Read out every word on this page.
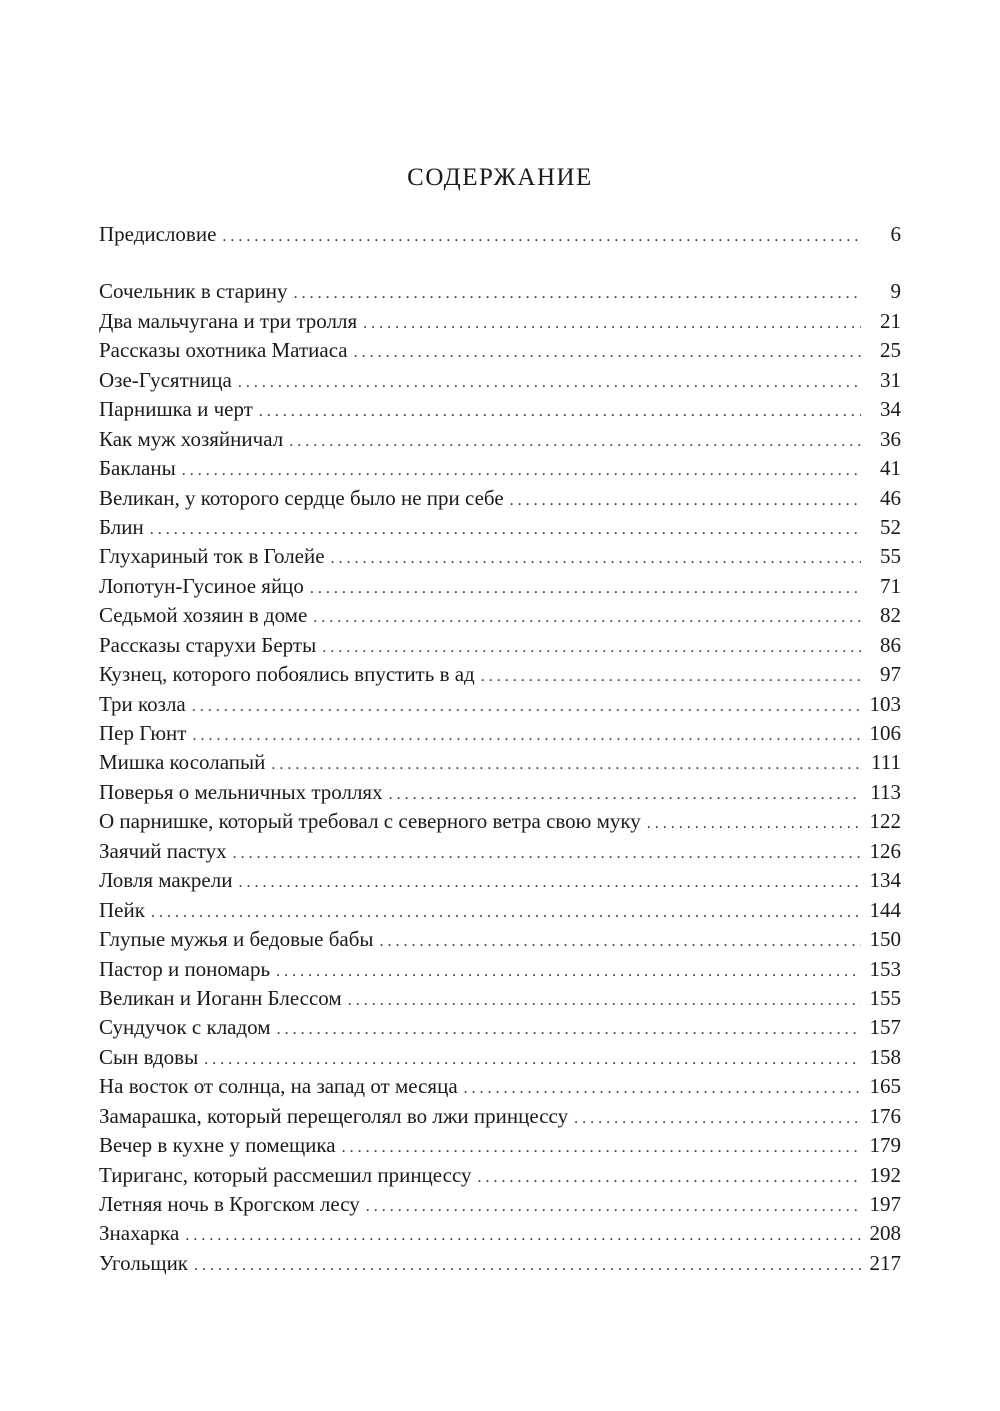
СОДЕРЖАНИЕ
Предисловие . . .	6
Сочельник в старину . . .	9
Два мальчугана и три тролля . . .	21
Рассказы охотника Матиаса . . .	25
Озе-Гусятница . . .	31
Парнишка и черт . . .	34
Как муж хозяйничал . . .	36
Бакланы . . .	41
Великан, у которого сердце было не при себе . . .	46
Блин . . .	52
Глухариный ток в Голейе . . .	55
Лопотун-Гусиное яйцо . . .	71
Седьмой хозяин в доме . . .	82
Рассказы старухи Берты . . .	86
Кузнец, которого побоялись впустить в ад . . .	97
Три козла . . .	103
Пер Гюнт . . .	106
Мишка косолапый . . .	111
Поверья о мельничных троллях . . .	113
О парнишке, который требовал с северного ветра свою муку . . .	122
Заячий пастух . . .	126
Ловля макрели . . .	134
Пейк . . .	144
Глупые мужья и бедовые бабы . . .	150
Пастор и пономарь . . .	153
Великан и Иоганн Блессом . . .	155
Сундучок с кладом . . .	157
Сын вдовы . . .	158
На восток от солнца, на запад от месяца . . .	165
Замарашка, который перещеголял во лжи принцессу . . .	176
Вечер в кухне у помещика . . .	179
Тириганс, который рассмешил принцессу . . .	192
Летняя ночь в Крогском лесу . . .	197
Знахарка . . .	208
Угольщик . . .	217
